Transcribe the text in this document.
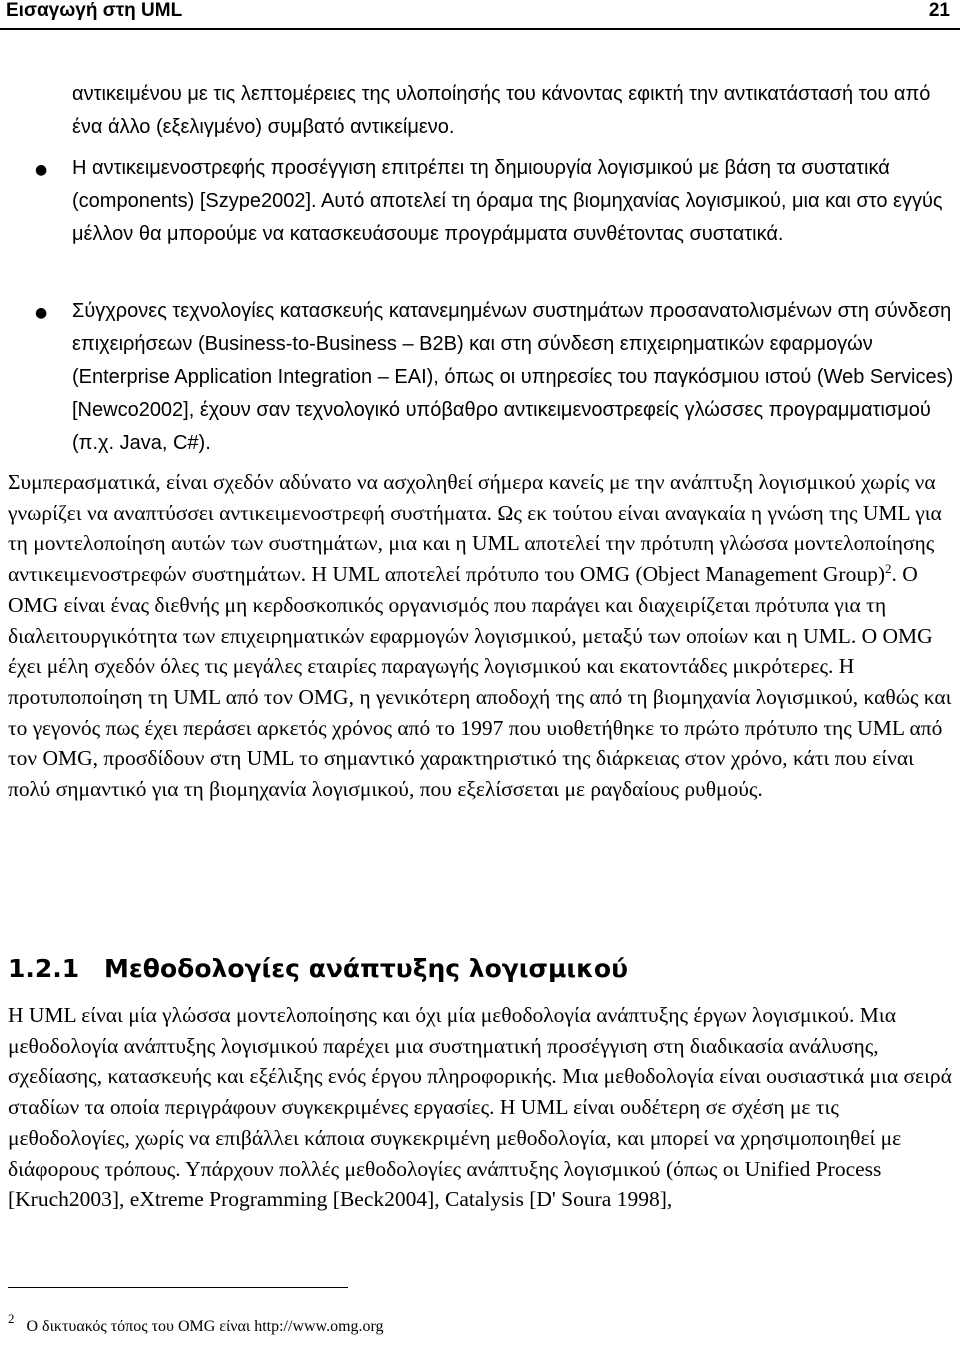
Εισαγωγή στη UML	21

αντικειμένου με τις λεπτομέρειες της υλοποίησής του κάνοντας εφικτή την αντικατάστασή του από ένα άλλο (εξελιγμένο) συμβατό αντικείμενο.

● Η αντικειμενοστρεφής προσέγγιση επιτρέπει τη δημιουργία λογισμικού με βάση τα συστατικά (components) [Szype2002]. Αυτό αποτελεί τη όραμα της βιομηχανίας λογισμικού, μια και στο εγγύς μέλλον θα μπορούμε να κατασκευάσουμε προγράμματα συνθέτοντας συστατικά.

● Σύγχρονες τεχνολογίες κατασκευής κατανεμημένων συστημάτων προσανατολισμένων στη σύνδεση επιχειρήσεων (Business-to-Business – B2B) και στη σύνδεση επιχειρηματικών εφαρμογών (Enterprise Application Integration – EAI), όπως οι υπηρεσίες του παγκόσμιου ιστού (Web Services) [Newco2002], έχουν σαν τεχνολογικό υπόβαθρο αντικειμενοστρεφείς γλώσσες προγραμματισμού (π.χ. Java, C#).

Συμπερασματικά, είναι σχεδόν αδύνατο να ασχοληθεί σήμερα κανείς με την ανάπτυξη λογισμικού χωρίς να γνωρίζει να αναπτύσσει αντικειμενοστρεφή συστήματα. Ως εκ τούτου είναι αναγκαία η γνώση της UML για τη μοντελοποίηση αυτών των συστημάτων, μια και η UML αποτελεί την πρότυπη γλώσσα μοντελοποίησης αντικειμενοστρεφών συστημάτων. Η UML αποτελεί πρότυπο του OMG (Object Management Group)$^2$. Ο OMG είναι ένας διεθνής μη κερδοσκοπικός οργανισμός που παράγει και διαχειρίζεται πρότυπα για τη διαλειτουργικότητα των επιχειρηματικών εφαρμογών λογισμικού, μεταξύ των οποίων και η UML. Ο OMG έχει μέλη σχεδόν όλες τις μεγάλες εταιρίες παραγωγής λογισμικού και εκατοντάδες μικρότερες. Η προτυποποίηση τη UML από τον OMG, η γενικότερη αποδοχή της από τη βιομηχανία λογισμικού, καθώς και το γεγονός πως έχει περάσει αρκετός χρόνος από το 1997 που υιοθετήθηκε το πρώτο πρότυπο της UML από τον OMG, προσδίδουν στη UML το σημαντικό χαρακτηριστικό της διάρκειας στον χρόνο, κάτι που είναι πολύ σημαντικό για τη βιομηχανία λογισμικού, που εξελίσσεται με ραγδαίους ρυθμούς.

1.2.1 Μεθοδολογίες ανάπτυξης λογισμικού

Η UML είναι μία γλώσσα μοντελοποίησης και όχι μία μεθοδολογία ανάπτυξης έργων λογισμικού. Μια μεθοδολογία ανάπτυξης λογισμικού παρέχει μια συστηματική προσέγγιση στη διαδικασία ανάλυσης, σχεδίασης, κατασκευής και εξέλιξης ενός έργου πληροφορικής. Μια μεθοδολογία είναι ουσιαστικά μια σειρά σταδίων τα οποία περιγράφουν συγκεκριμένες εργασίες. Η UML είναι ουδέτερη σε σχέση με τις μεθοδολογίες, χωρίς να επιβάλλει κάποια συγκεκριμένη μεθοδολογία, και μπορεί να χρησιμοποιηθεί με διάφορους τρόπους. Υπάρχουν πολλές μεθοδολογίες ανάπτυξης λογισμικού (όπως οι Unified Process [Kruch2003], eXtreme Programming [Beck2004], Catalysis [D' Soura 1998],

$^2$ Ο δικτυακός τόπος του OMG είναι http://www.omg.org
